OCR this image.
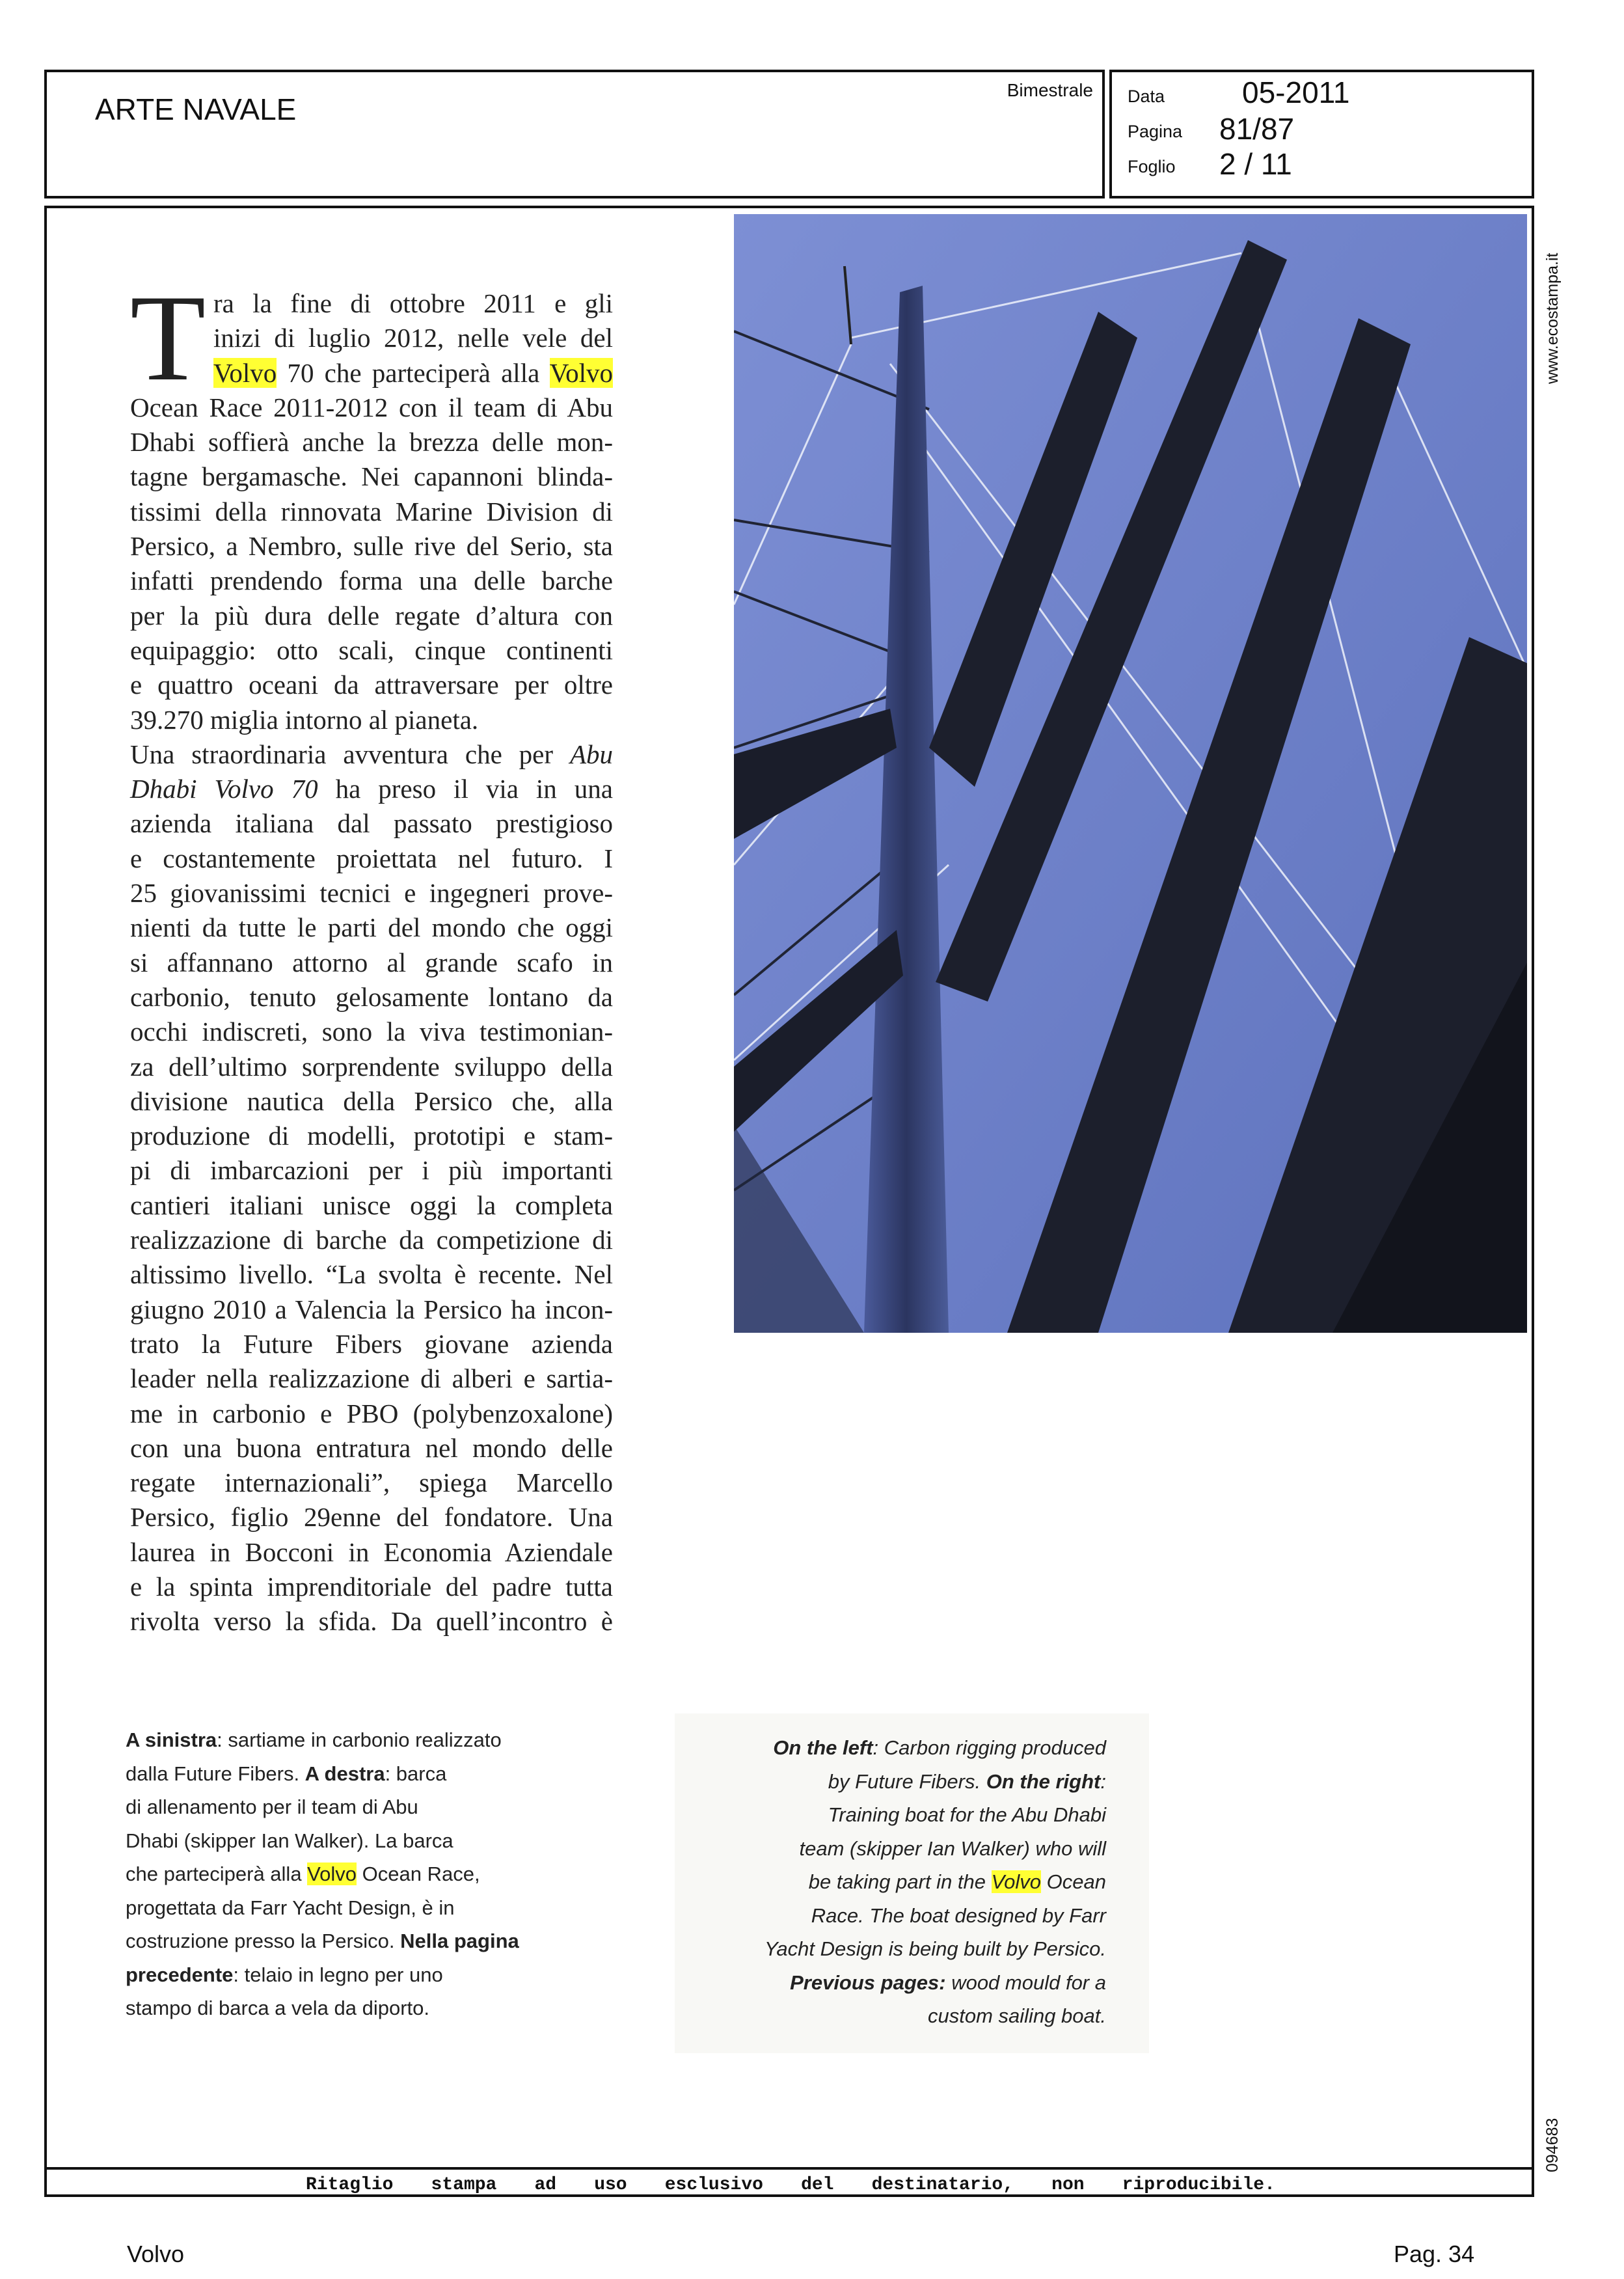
ARTE NAVALE
Bimestrale Data	05-2011
Pagina 81/87
Foglio 2 / 11
www.ecostampa.it
094683
T ra la fine di ottobre 2011 e gli
inizi di luglio 2012, nelle vele del
Volvo 70 che parteciperà alla Volvo
Ocean Race 2011-2012 con il team di Abu
Dhabi soffierà anche la brezza delle mon-
tagne bergamasche. Nei capannoni blinda-
tissimi della rinnovata Marine Division di
Persico, a Nembro, sulle rive del Serio, sta
infatti prendendo forma una delle barche
per la più dura delle regate d’altura con
equipaggio: otto scali, cinque continenti
e quattro oceani da attraversare per oltre
39.270 miglia intorno al pianeta.
Una straordinaria avventura che per Abu
Dhabi Volvo 70 ha preso il via in una
azienda italiana dal passato prestigioso
e costantemente proiettata nel futuro. I
25 giovanissimi tecnici e ingegneri prove-
nienti da tutte le parti del mondo che oggi
si affannano attorno al grande scafo in
carbonio, tenuto gelosamente lontano da
occhi indiscreti, sono la viva testimonian-
za dell’ultimo sorprendente sviluppo della
divisione nautica della Persico che, alla
produzione di modelli, prototipi e stam-
pi di imbarcazioni per i più importanti
cantieri italiani unisce oggi la completa
realizzazione di barche da competizione di
altissimo livello. “La svolta è recente. Nel
giugno 2010 a Valencia la Persico ha incon-
trato la Future Fibers giovane azienda
leader nella realizzazione di alberi e sartia-
me in carbonio e PBO (polybenzoxalone)
con una buona entratura nel mondo delle
regate internazionali”, spiega Marcello
Persico, figlio 29enne del fondatore. Una
laurea in Bocconi in Economia Aziendale
e la spinta imprenditoriale del padre tutta
rivolta verso la sfida. Da quell’incontro è
A sinistra: sartiame in carbonio realizzato
dalla Future Fibers. A destra: barca
di allenamento per il team di Abu
Dhabi (skipper Ian Walker). La barca
che parteciperà alla Volvo Ocean Race,
progettata da Farr Yacht Design, è in
costruzione presso la Persico. Nella pagina
precedente: telaio in legno per uno
stampo di barca a vela da diporto.
On the left: Carbon rigging produced
by Future Fibers. On the right:
Training boat for the Abu Dhabi
team (skipper Ian Walker) who will
be taking part in the Volvo Ocean
Race. The boat designed by Farr
Yacht Design is being built by Persico.
Previous pages: wood mould for a
custom sailing boat.
Ritaglio stampa ad uso esclusivo del destinatario, non riproducibile.
Volvo	Pag. 34
